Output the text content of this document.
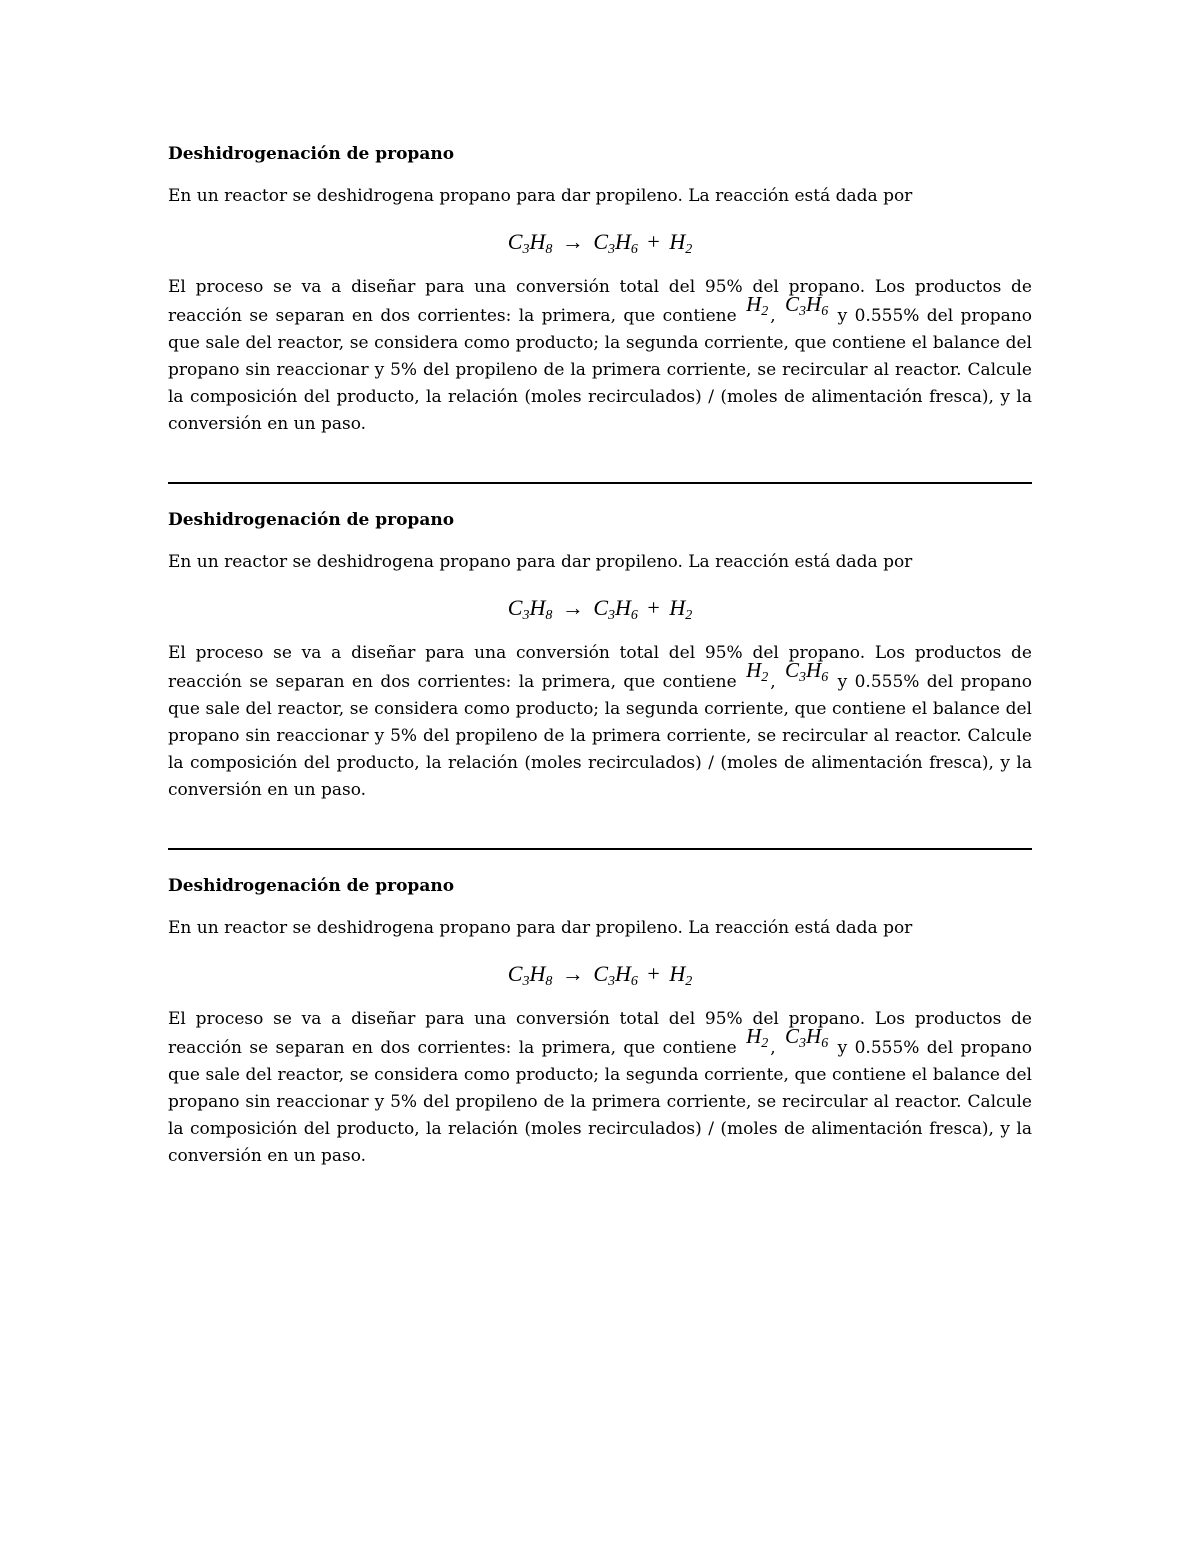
Deshidrogenación de propano

En un reactor se deshidrogena propano para dar propileno. La reacción está dada por

$C_3H_8 \to C_3H_6 + H_2$

El proceso se va a diseñar para una conversión total del 95% del propano. Los productos de reacción se separan en dos corrientes: la primera, que contiene $H_2$ , $C_3H_6$ y 0.555% del propano que sale del reactor, se considera como producto; la segunda corriente, que contiene el balance del propano sin reaccionar y 5% del propileno de la primera corriente, se recircular al reactor. Calcule la composición del producto, la relación (moles recirculados) / (moles de alimentación fresca), y la conversión en un paso.

Deshidrogenación de propano

En un reactor se deshidrogena propano para dar propileno. La reacción está dada por

$C_3H_8 \to C_3H_6 + H_2$

El proceso se va a diseñar para una conversión total del 95% del propano. Los productos de reacción se separan en dos corrientes: la primera, que contiene $H_2$ , $C_3H_6$ y 0.555% del propano que sale del reactor, se considera como producto; la segunda corriente, que contiene el balance del propano sin reaccionar y 5% del propileno de la primera corriente, se recircular al reactor. Calcule la composición del producto, la relación (moles recirculados) / (moles de alimentación fresca), y la conversión en un paso.

Deshidrogenación de propano

En un reactor se deshidrogena propano para dar propileno. La reacción está dada por

$C_3H_8 \to C_3H_6 + H_2$

El proceso se va a diseñar para una conversión total del 95% del propano. Los productos de reacción se separan en dos corrientes: la primera, que contiene $H_2$ , $C_3H_6$ y 0.555% del propano que sale del reactor, se considera como producto; la segunda corriente, que contiene el balance del propano sin reaccionar y 5% del propileno de la primera corriente, se recircular al reactor. Calcule la composición del producto, la relación (moles recirculados) / (moles de alimentación fresca), y la conversión en un paso.
